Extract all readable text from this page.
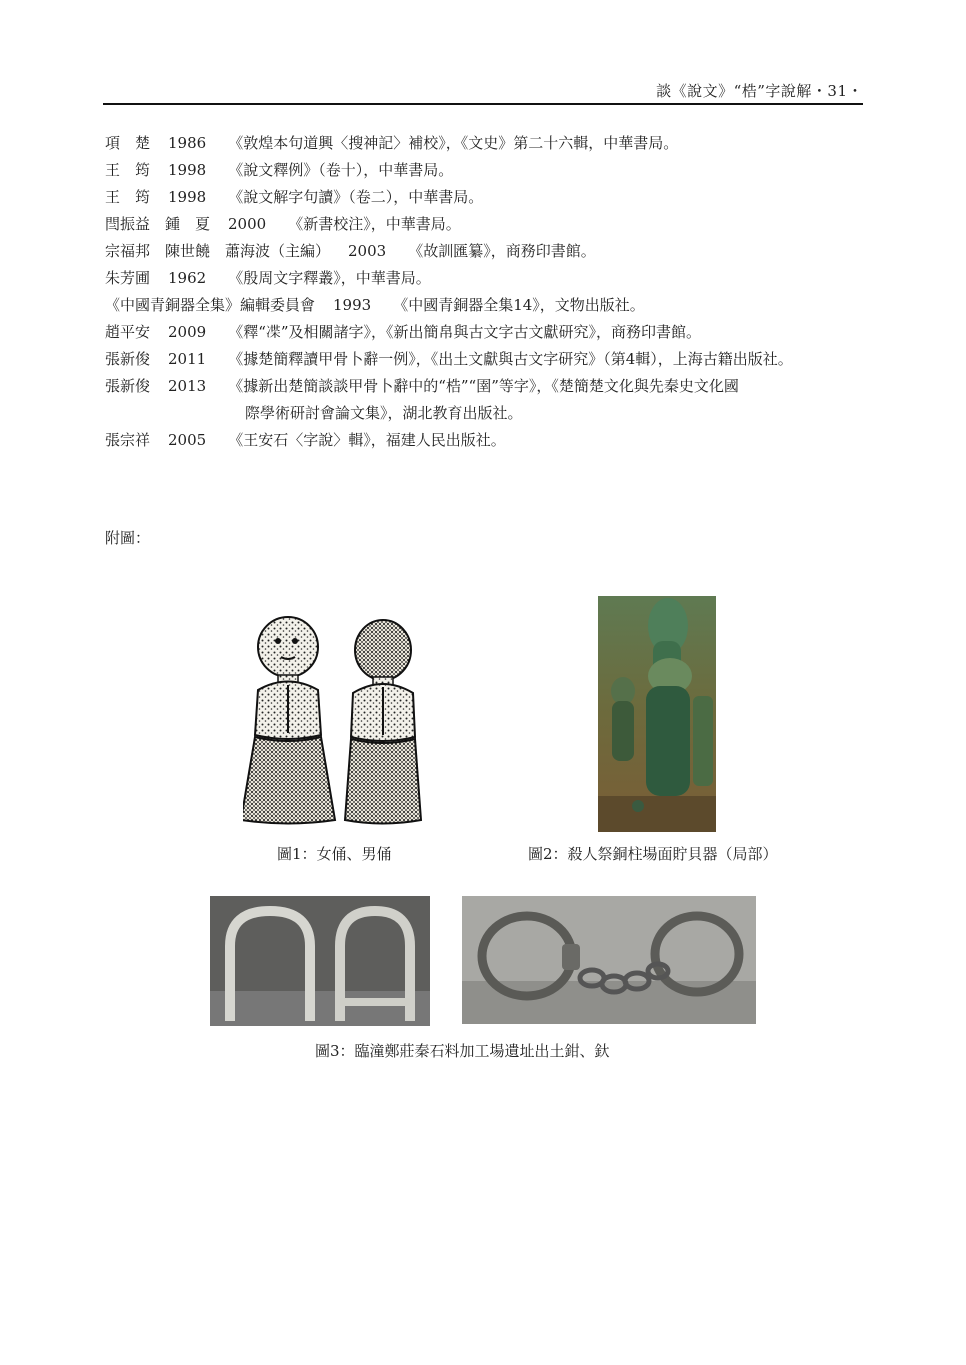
談《說文》“梏”字說解・31・
項　楚 1986 《敦煌本句道興〈搜神記〉補校》，《文史》第二十六輯，中華書局。
王　筠 1998 《說文釋例》（卷十），中華書局。
王　筠 1998 《說文解字句讀》（卷二），中華書局。
閆振益　鍾　夏 2000 《新書校注》，中華書局。
宗福邦　陳世饒　蕭海波（主編） 2003 《故訓匯纂》，商務印書館。
朱芳圃 1962 《殷周文字釋叢》，中華書局。
《中國青銅器全集》編輯委員會 1993 《中國青銅器全集14》，文物出版社。
趙平安 2009 《釋“𠗨”及相關諸字》，《新出簡帛與古文字古文獻研究》，商務印書館。
張新俊 2011 《據楚簡釋讀甲骨卜辭一例》，《出土文獻與古文字研究》（第4輯），上海古籍出版社。
張新俊 2013 《據新出楚簡談談甲骨卜辭中的“梏”“圉”等字》，《楚簡楚文化與先秦史文化國
際學術研討會論文集》，湖北教育出版社。
張宗祥 2005 《王安石〈字說〉輯》，福建人民出版社。
附圖：
圖1：女俑、男俑	圖2：殺人祭銅柱場面貯貝器（局部）
圖3：臨潼鄭莊秦石料加工場遺址出土鉗、釱
